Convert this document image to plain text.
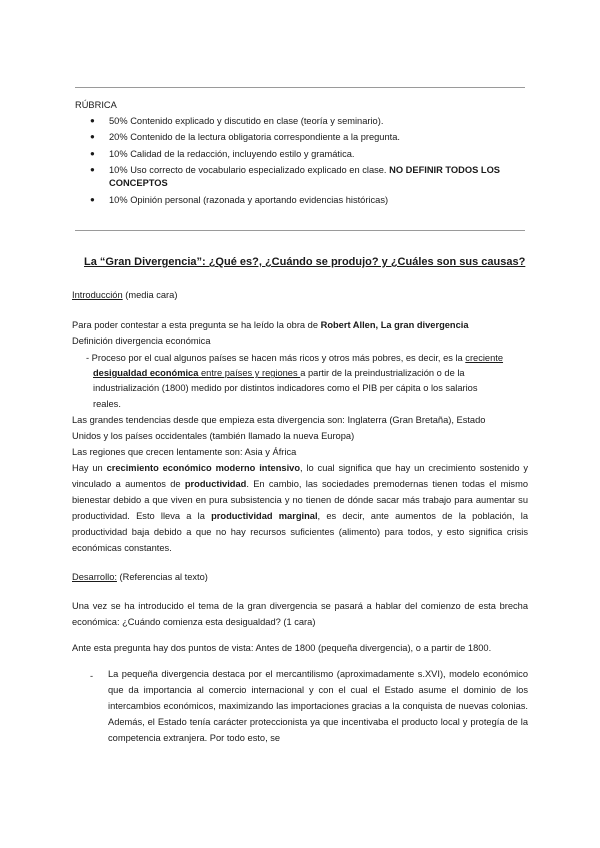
RÚBRICA
● 50% Contenido explicado y discutido en clase (teoría y seminario).
● 20% Contenido de la lectura obligatoria correspondiente a la pregunta.
● 10% Calidad de la redacción, incluyendo estilo y gramática.
● 10% Uso correcto de vocabulario especializado explicado en clase. NO DEFINIR TODOS LOS
CONCEPTOS
● 10% Opinión personal (razonada y aportando evidencias históricas)
La “Gran Divergencia”: ¿Qué es?, ¿Cuándo se produjo? y ¿Cuáles son sus causas?
Introducción (media cara)
Para poder contestar a esta pregunta se ha leído la obra de Robert Allen, La gran divergencia
Definición divergencia económica
- Proceso por el cual algunos países se hacen más ricos y otros más pobres, es decir, es la creciente
desigualdad económica entre países y regiones a partir de la preindustrialización o de la
industrialización (1800) medido por distintos indicadores como el PIB per cápita o los salarios
reales.
Las grandes tendencias desde que empieza esta divergencia son: Inglaterra (Gran Bretaña), Estado
Unidos y los países occidentales (también llamado la nueva Europa)
Las regiones que crecen lentamente son: Asia y África
Hay un crecimiento económico moderno intensivo, lo cual significa que hay un crecimiento sostenido y vinculado a aumentos de productividad. En cambio, las sociedades premodernas tienen todas el mismo bienestar debido a que viven en pura subsistencia y no tienen de dónde sacar más trabajo para aumentar su productividad. Esto lleva a la productividad marginal, es decir, ante aumentos de la población, la productividad baja debido a que no hay recursos suficientes (alimento) para todos, y esto significa crisis económicas constantes.
Desarrollo: (Referencias al texto)
Una vez se ha introducido el tema de la gran divergencia se pasará a hablar del comienzo de esta brecha económica: ¿Cuándo comienza esta desigualdad? (1 cara)
Ante esta pregunta hay dos puntos de vista: Antes de 1800 (pequeña divergencia), o a partir de 1800.
- La pequeña divergencia destaca por el mercantilismo (aproximadamente s.XVI), modelo económico que da importancia al comercio internacional y con el cual el Estado asume el dominio de los intercambios económicos, maximizando las importaciones gracias a la conquista de nuevas colonias. Además, el Estado tenía carácter proteccionista ya que incentivaba el producto local y protegía de la competencia extranjera. Por todo esto, se
